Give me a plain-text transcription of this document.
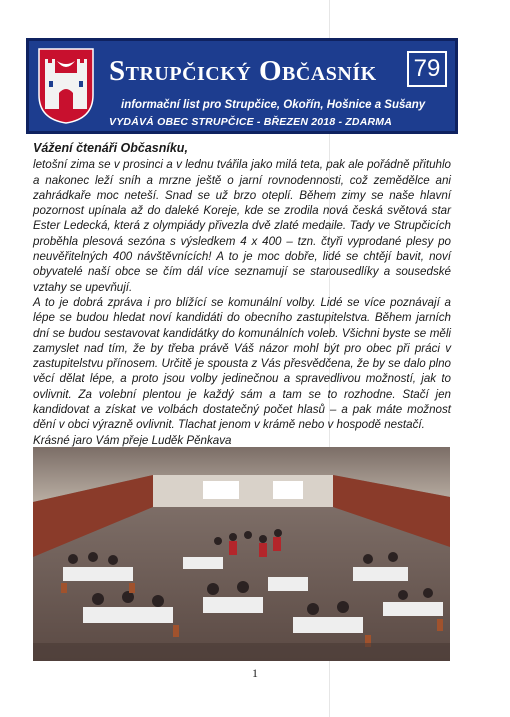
Strupčický Občasník 79
informační list pro Strupčice, Okořín, Hošnice a Sušany
VYDÁVÁ OBEC STRUPČICE - BŘEZEN 2018 - ZDARMA
Vážení čtenáři Občasníku,

letošní zima se v prosinci a v lednu tvářila jako milá teta, pak ale pořádně přituhlo a nakonec leží sníh a mrzne ještě o jarní rovnodennosti, což zemědělce ani zahrádkaře moc neteší. Snad se už brzo oteplí. Během zimy se naše hlavní pozornost upínala až do daleké Koreje, kde se zrodila nová česká světová star Ester Ledecká, která z olympiády přivezla dvě zlaté medaile. Tady ve Strupčicích proběhla plesová sezóna s výsledkem 4 x 400 – tzn. čtyři vyprodané plesy po neuvěřitelných 400 návštěvnících! A to je moc dobře, lidé se chtějí bavit, noví obyvatelé naší obce se čím dál více seznamují se starousedlíky a sousedské vztahy se upevňují.

A to je dobrá zpráva i pro blížící se komunální volby. Lidé se více poznávají a lépe se budou hledat noví kandidáti do obecního zastupitelstva. Během jarních dní se budou sestavovat kandidátky do komunálních voleb. Všichni byste se měli zamyslet nad tím, že by třeba právě Váš názor mohl být pro obec při práci v zastupitelstvu přínosem. Určitě je spousta z Vás přesvědčena, že by se dalo plno věcí dělat lépe, a proto jsou volby jedinečnou a spravedlivou možností, jak to ovlivnit. Za volební plentou je každý sám a tam se to rozhodne. Stačí jen kandidovat a získat ve volbách dostatečný počet hlasů – a pak máte možnost dění v obci výrazně ovlivnit. Tlachat jenom v krámě nebo v hospodě nestačí.

Krásné jaro Vám přeje Luděk Pěnkava

1
